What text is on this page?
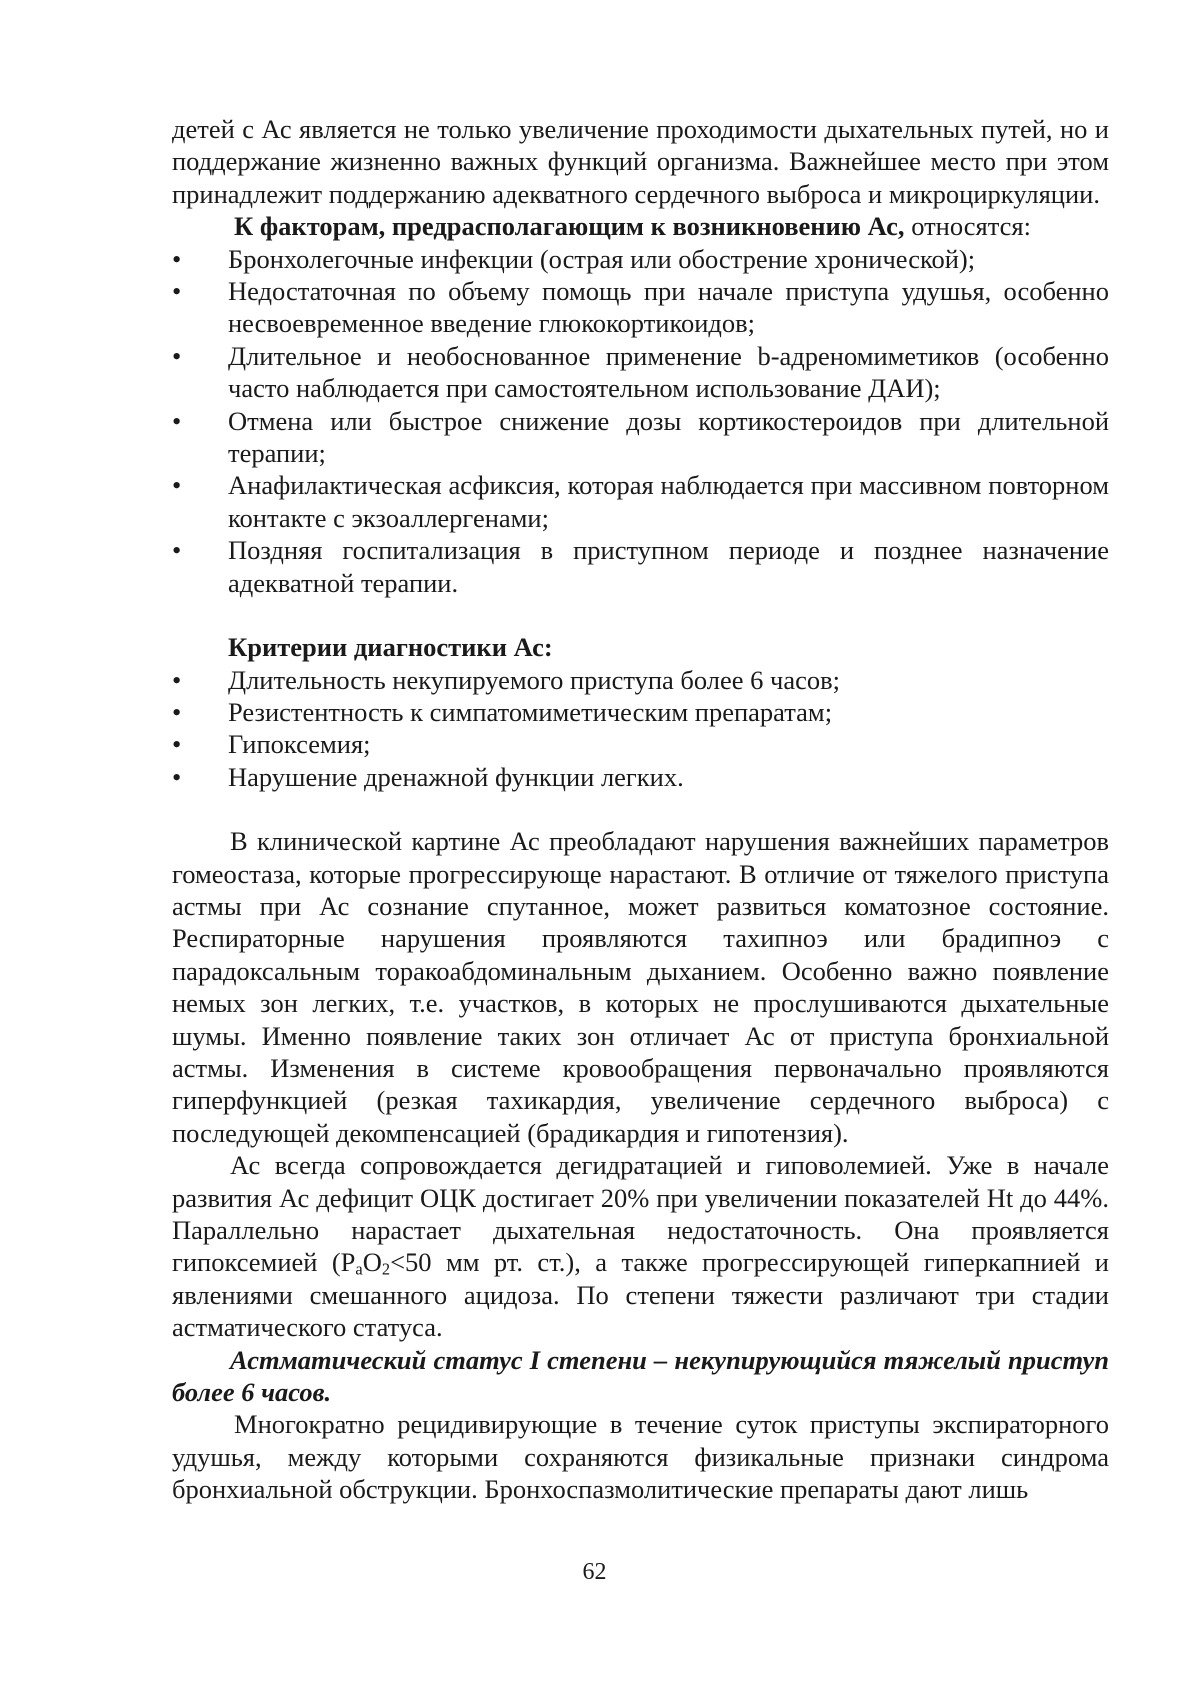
детей с Ас является не только увеличение проходимости дыхательных путей, но и поддержание жизненно важных функций организма. Важнейшее место при этом принадлежит поддержанию адекватного сердечного выброса и микроциркуляции.

К факторам, предрасполагающим к возникновению Ас, относятся:

• Бронхолегочные инфекции (острая или обострение хронической);
• Недостаточная по объему помощь при начале приступа удушья, особенно несвоевременное введение глюкокортикоидов;
• Длительное и необоснованное применение b-адреномиметиков (особенно часто наблюдается при самостоятельном использование ДАИ);
• Отмена или быстрое снижение дозы кортикостероидов при длительной терапии;
• Анафилактическая асфиксия, которая наблюдается при массивном повторном контакте с экзоаллергенами;
• Поздняя госпитализация в приступном периоде и позднее назначение адекватной терапии.

Критерии диагностики Ас:

• Длительность некупируемого приступа более 6 часов;
• Резистентность к симпатомиметическим препаратам;
• Гипоксемия;
• Нарушение дренажной функции легких.

В клинической картине Ас преобладают нарушения важнейших параметров гомеостаза, которые прогрессирующе нарастают. В отличие от тяжелого приступа астмы при Ас сознание спутанное, может развиться коматозное состояние. Респираторные нарушения проявляются тахипноэ или брадипноэ с парадоксальным торакоабдоминальным дыханием. Особенно важно появление немых зон легких, т.е. участков, в которых не прослушиваются дыхательные шумы. Именно появление таких зон отличает Ас от приступа бронхиальной астмы. Изменения в системе кровообращения первоначально проявляются гиперфункцией (резкая тахикардия, увеличение сердечного выброса) с последующей декомпенсацией (брадикардия и гипотензия).

Ас всегда сопровождается дегидратацией и гиповолемией. Уже в начале развития Ас дефицит ОЦК достигает 20% при увеличении показателей Ht до 44%. Параллельно нарастает дыхательная недостаточность. Она проявляется гипоксемией ($P_aO_2<50$ мм рт. ст.), а также прогрессирующей гиперкапнией и явлениями смешанного ацидоза. По степени тяжести различают три стадии астматического статуса.

Астматический статус I степени – некупирующийся тяжелый приступ более 6 часов.

Многократно рецидивирующие в течение суток приступы экспираторного удушья, между которыми сохраняются физикальные признаки синдрома бронхиальной обструкции. Бронхоспазмолитические препараты дают лишь

62
